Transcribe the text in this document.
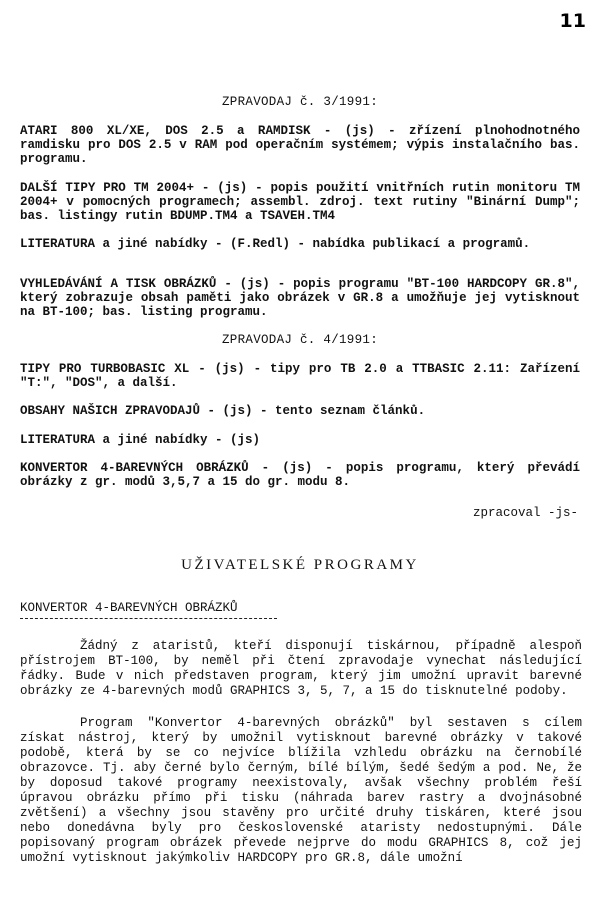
11
ZPRAVODAJ č. 3/1991:
ATARI 800 XL/XE, DOS 2.5 a RAMDISK - (js) - zřízení plnohodnotného ramdisku pro DOS 2.5 v RAM pod operačním systémem; výpis instalačního bas. programu.
DALŠÍ TIPY PRO TM 2004+ - (js) - popis použití vnitřních rutin monitoru TM 2004+ v pomocných programech; assembl. zdroj. text rutiny "Binární Dump"; bas. listingy rutin BDUMP.TM4 a TSAVEH.TM4
LITERATURA a jiné nabídky - (F.Redl) - nabídka publikací a programů.
VYHLEDÁVÁNÍ A TISK OBRÁZKŮ - (js) - popis programu "BT-100 HARDCOPY GR.8", který zobrazuje obsah paměti jako obrázek v GR.8 a umožňuje jej vytisknout na BT-100; bas. listing programu.
ZPRAVODAJ č. 4/1991:
TIPY PRO TURBOBASIC XL - (js) - tipy pro TB 2.0 a TTBASIC 2.11: Zařízení "T:", "DOS", a další.
OBSAHY NAŠICH ZPRAVODAJŮ - (js) - tento seznam článků.
LITERATURA a jiné nabídky - (js)
KONVERTOR 4-BAREVNÝCH OBRÁZKŮ - (js) - popis programu, který převádí obrázky z gr. modů 3,5,7 a 15 do gr. modu 8.
zpracoval -js-
UŽIVATELSKÉ PROGRAMY
KONVERTOR 4-BAREVNÝCH OBRÁZKŮ
Žádný z ataristů, kteří disponují tiskárnou, případně alespoň přístrojem BT-100, by neměl při čtení zpravodaje vynechat následující řádky. Bude v nich představen program, který jim umožní upravit barevné obrázky ze 4-barevných modů GRAPHICS 3, 5, 7, a 15 do tisknutelné podoby.
Program "Konvertor 4-barevných obrázků" byl sestaven s cílem získat nástroj, který by umožnil vytisknout barevné obrázky v takové podobě, která by se co nejvíce blížila vzhledu obrázku na černobílé obrazovce. Tj. aby černé bylo černým, bílé bílým, šedé šedým a pod. Ne, že by doposud takové programy neexistovaly, avšak všechny problém řeší úpravou obrázku přímo při tisku (náhrada barev rastry a dvojnásobné zvětšení) a všechny jsou stavěny pro určité druhy tiskáren, které jsou nebo donedávna byly pro československé ataristy nedostupnými. Dále popisovaný program obrázek převede nejprve do modu GRAPHICS 8, což jej umožní vytisknout jakýmkoliv HARDCOPY pro GR.8, dále umožní
